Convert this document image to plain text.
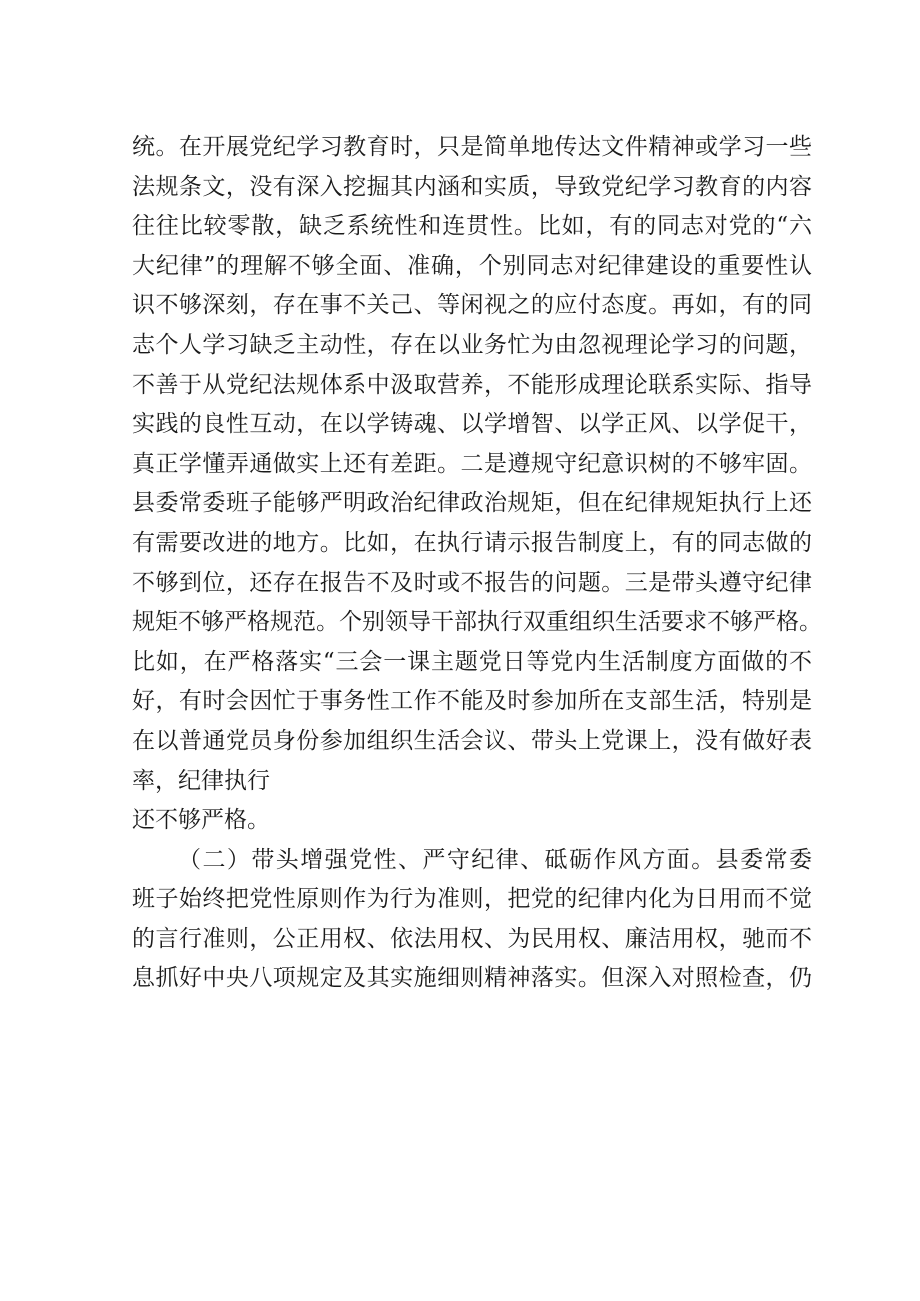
统。在开展党纪学习教育时，只是简单地传达文件精神或学习一些
法规条文，没有深入挖掘其内涵和实质，导致党纪学习教育的内容
往往比较零散，缺乏系统性和连贯性。比如，有的同志对党的“六
大纪律”的理解不够全面、准确，个别同志对纪律建设的重要性认
识不够深刻，存在事不关己、等闲视之的应付态度。再如，有的同
志个人学习缺乏主动性，存在以业务忙为由忽视理论学习的问题，
不善于从党纪法规体系中汲取营养，不能形成理论联系实际、指导
实践的良性互动，在以学铸魂、以学增智、以学正风、以学促干，
真正学懂弄通做实上还有差距。二是遵规守纪意识树的不够牢固。
县委常委班子能够严明政治纪律政治规矩，但在纪律规矩执行上还
有需要改进的地方。比如，在执行请示报告制度上，有的同志做的
不够到位，还存在报告不及时或不报告的问题。三是带头遵守纪律
规矩不够严格规范。个别领导干部执行双重组织生活要求不够严格。
比如，在严格落实“三会一课主题党日等党内生活制度方面做的不
好，有时会因忙于事务性工作不能及时参加所在支部生活，特别是
在以普通党员身份参加组织生活会议、带头上党课上，没有做好表
率，纪律执行
还不够严格。
（二）带头增强党性、严守纪律、砥砺作风方面。县委常委
班子始终把党性原则作为行为准则，把党的纪律内化为日用而不觉
的言行准则，公正用权、依法用权、为民用权、廉洁用权，驰而不
息抓好中央八项规定及其实施细则精神落实。但深入对照检查，仍
